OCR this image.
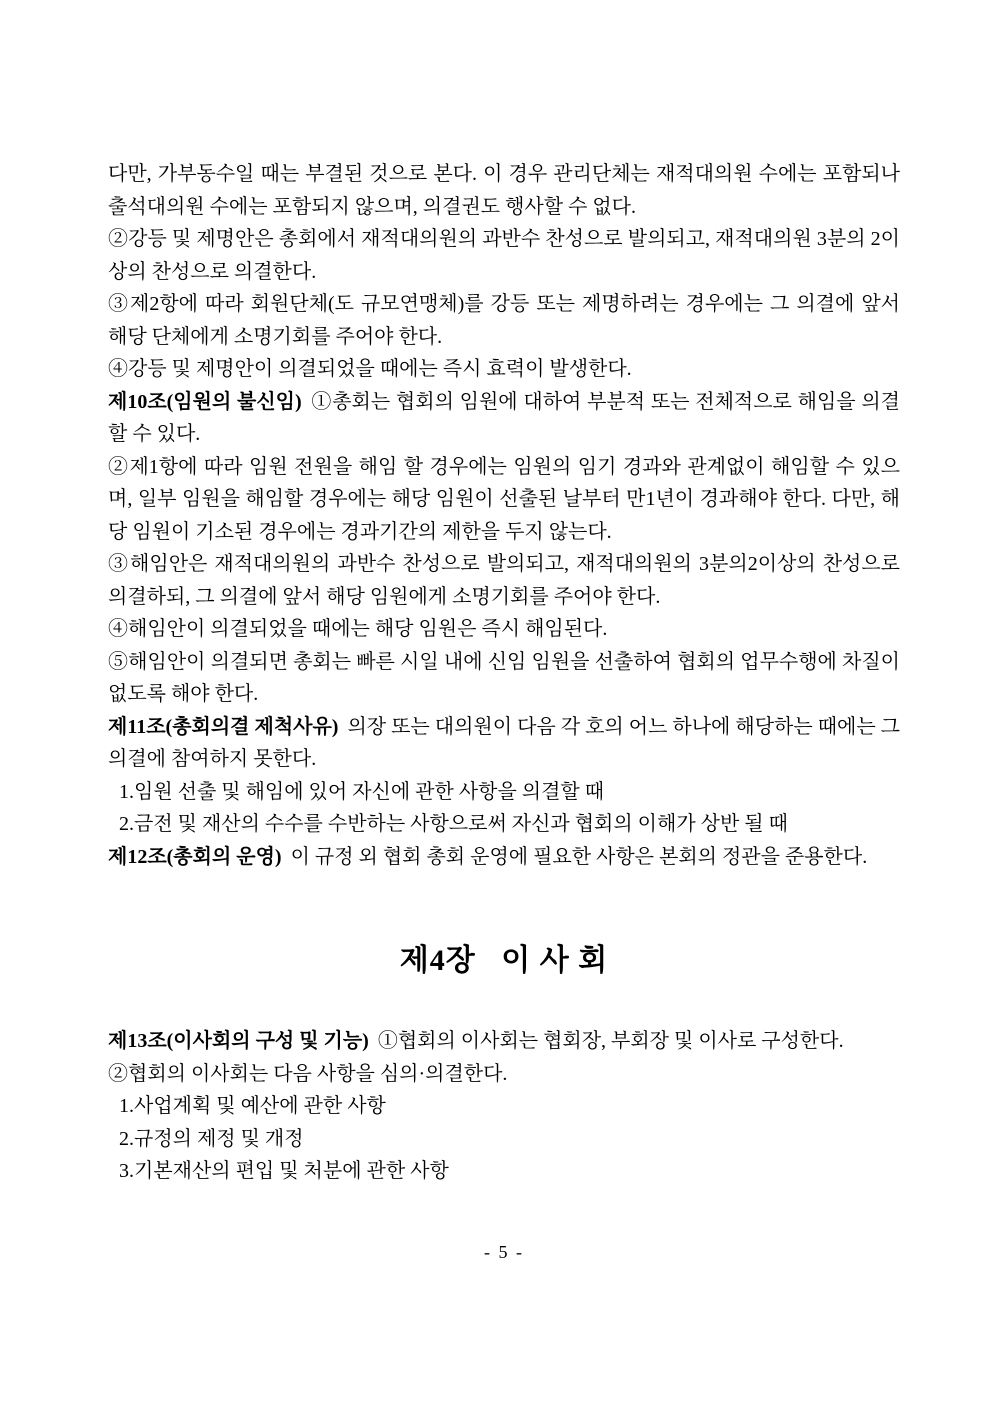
다만, 가부동수일 때는 부결된 것으로 본다. 이 경우 관리단체는 재적대의원 수에는 포함되나 출석대의원 수에는 포함되지 않으며, 의결권도 행사할 수 없다.

②강등 및 제명안은 총회에서 재적대의원의 과반수 찬성으로 발의되고, 재적대의원 3분의 2이상의 찬성으로 의결한다.

③제2항에 따라 회원단체(도 규모연맹체)를 강등 또는 제명하려는 경우에는 그 의결에 앞서 해당 단체에게 소명기회를 주어야 한다.

④강등 및 제명안이 의결되었을 때에는 즉시 효력이 발생한다.

제10조(임원의 불신임) ①총회는 협회의 임원에 대하여 부분적 또는 전체적으로 해임을 의결할 수 있다.

②제1항에 따라 임원 전원을 해임 할 경우에는 임원의 임기 경과와 관계없이 해임할 수 있으며, 일부 임원을 해임할 경우에는 해당 임원이 선출된 날부터 만1년이 경과해야 한다. 다만, 해당 임원이 기소된 경우에는 경과기간의 제한을 두지 않는다.

③해임안은 재적대의원의 과반수 찬성으로 발의되고, 재적대의원의 3분의2이상의 찬성으로 의결하되, 그 의결에 앞서 해당 임원에게 소명기회를 주어야 한다.

④해임안이 의결되었을 때에는 해당 임원은 즉시 해임된다.

⑤해임안이 의결되면 총회는 빠른 시일 내에 신임 임원을 선출하여 협회의 업무수행에 차질이 없도록 해야 한다.

제11조(총회의결 제척사유) 의장 또는 대의원이 다음 각 호의 어느 하나에 해당하는 때에는 그 의결에 참여하지 못한다.

1.임원 선출 및 해임에 있어 자신에 관한 사항을 의결할 때

2.금전 및 재산의 수수를 수반하는 사항으로써 자신과 협회의 이해가 상반 될 때

제12조(총회의 운영) 이 규정 외 협회 총회 운영에 필요한 사항은 본회의 정관을 준용한다.

제4장   이 사 회

제13조(이사회의 구성 및 기능) ①협회의 이사회는 협회장, 부회장 및 이사로 구성한다.

②협회의 이사회는 다음 사항을 심의·의결한다.

1.사업계획 및 예산에 관한 사항

2.규정의 제정 및 개정

3.기본재산의 편입 및 처분에 관한 사항

- 5 -
